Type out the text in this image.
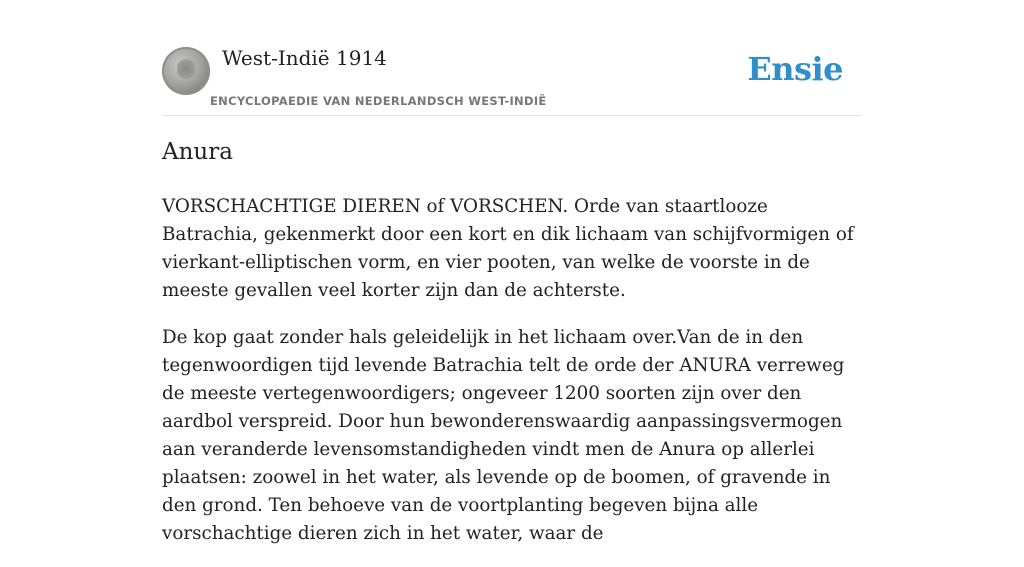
West-Indië 1914
ENCYCLOPAEDIE VAN NEDERLANDSCH WEST-INDIË
Ensie
Anura

VORSCHACHTIGE DIEREN of VORSCHEN. Orde van staartlooze Batrachia, gekenmerkt door een kort en dik lichaam van schijfvormigen of vierkant-elliptischen vorm, en vier pooten, van welke de voorste in de meeste gevallen veel korter zijn dan de achterste.

De kop gaat zonder hals geleidelijk in het lichaam over.Van de in den tegenwoordigen tijd levende Batrachia telt de orde der ANURA verreweg de meeste vertegenwoordigers; ongeveer 1200 soorten zijn over den aardbol verspreid. Door hun bewonderenswaardig aanpassingsvermogen aan veranderde levensomstandigheden vindt men de Anura op allerlei plaatsen: zoowel in het water, als levende op de boomen, of gravende in den grond. Ten behoeve van de voortplanting begeven bijna alle vorschachtige dieren zich in het water, waar de
